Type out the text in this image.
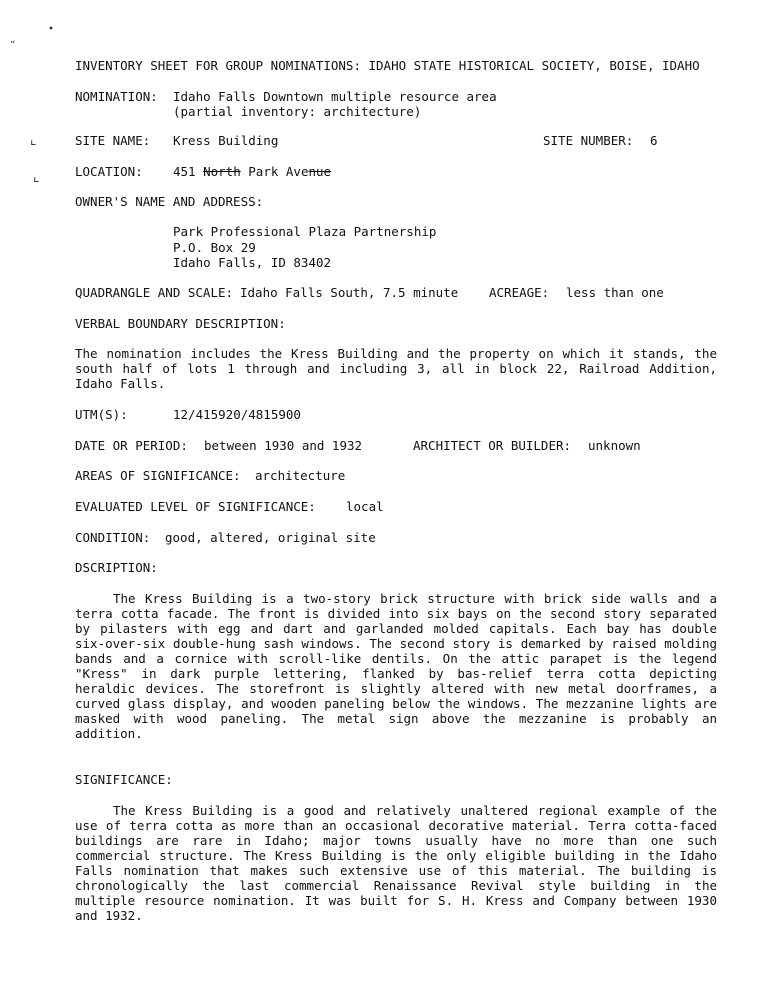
•
“
⌞
⌞
INVENTORY SHEET FOR GROUP NOMINATIONS: IDAHO STATE HISTORICAL SOCIETY, BOISE, IDAHO
NOMINATION: Idaho Falls Downtown multiple resource area
(partial inventory: architecture)
SITE NAME: Kress Building	SITE NUMBER: 6
LOCATION: 451 North Park Avenue
OWNER'S NAME AND ADDRESS:
Park Professional Plaza Partnership
P.O. Box 29
Idaho Falls, ID 83402
QUADRANGLE AND SCALE: Idaho Falls South, 7.5 minute ACREAGE: less than one
VERBAL BOUNDARY DESCRIPTION:
The nomination includes the Kress Building and the property on which it stands, the south half of lots 1 through and including 3, all in block 22, Railroad Addition, Idaho Falls.
UTM(S):	12/415920/4815900
DATE OR PERIOD: between 1930 and 1932	ARCHITECT OR BUILDER: unknown
AREAS OF SIGNIFICANCE: architecture
EVALUATED LEVEL OF SIGNIFICANCE: local
CONDITION: good, altered, original site
DSCRIPTION:
The Kress Building is a two-story brick structure with brick side walls and a terra cotta facade. The front is divided into six bays on the second story separated by pilasters with egg and dart and garlanded molded capitals. Each bay has double six-over-six double-hung sash windows. The second story is demarked by raised molding bands and a cornice with scroll-like dentils. On the attic parapet is the legend "Kress" in dark purple lettering, flanked by bas-relief terra cotta depicting heraldic devices. The storefront is slightly altered with new metal doorframes, a curved glass display, and wooden paneling below the windows. The mezzanine lights are masked with wood paneling. The metal sign above the mezzanine is probably an addition.
SIGNIFICANCE:
The Kress Building is a good and relatively unaltered regional example of the use of terra cotta as more than an occasional decorative material. Terra cotta-faced buildings are rare in Idaho; major towns usually have no more than one such commercial structure. The Kress Building is the only eligible building in the Idaho Falls nomination that makes such extensive use of this material. The building is chronologically the last commercial Renaissance Revival style building in the multiple resource nomination. It was built for S. H. Kress and Company between 1930 and 1932.
